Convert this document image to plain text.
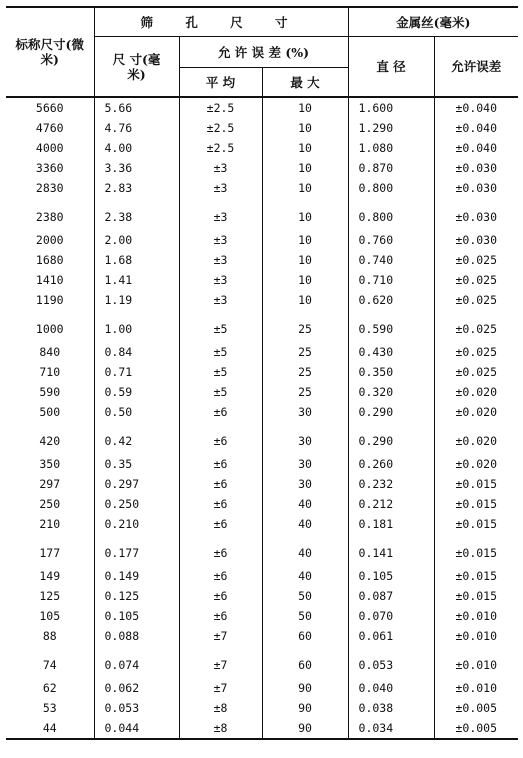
标称尺寸(微米)	筛 孔 尺 寸			金属丝(毫米)	
	尺 寸(毫米)	允 许 误 差 (%)		直 径	允许误差
		平 均	最 大		
5660	5.66	±2.5	10	1.600	±0.040
4760	4.76	±2.5	10	1.290	±0.040
4000	4.00	±2.5	10	1.080	±0.040
3360	3.36	±3	10	0.870	±0.030
2830	2.83	±3	10	0.800	±0.030
2380	2.38	±3	10	0.800	±0.030
2000	2.00	±3	10	0.760	±0.030
1680	1.68	±3	10	0.740	±0.025
1410	1.41	±3	10	0.710	±0.025
1190	1.19	±3	10	0.620	±0.025
1000	1.00	±5	25	0.590	±0.025
840	0.84	±5	25	0.430	±0.025
710	0.71	±5	25	0.350	±0.025
590	0.59	±5	25	0.320	±0.020
500	0.50	±6	30	0.290	±0.020
420	0.42	±6	30	0.290	±0.020
350	0.35	±6	30	0.260	±0.020
297	0.297	±6	30	0.232	±0.015
250	0.250	±6	40	0.212	±0.015
210	0.210	±6	40	0.181	±0.015
177	0.177	±6	40	0.141	±0.015
149	0.149	±6	40	0.105	±0.015
125	0.125	±6	50	0.087	±0.015
105	0.105	±6	50	0.070	±0.010
88	0.088	±7	60	0.061	±0.010
74	0.074	±7	60	0.053	±0.010
62	0.062	±7	90	0.040	±0.010
53	0.053	±8	90	0.038	±0.005
44	0.044	±8	90	0.034	±0.005
